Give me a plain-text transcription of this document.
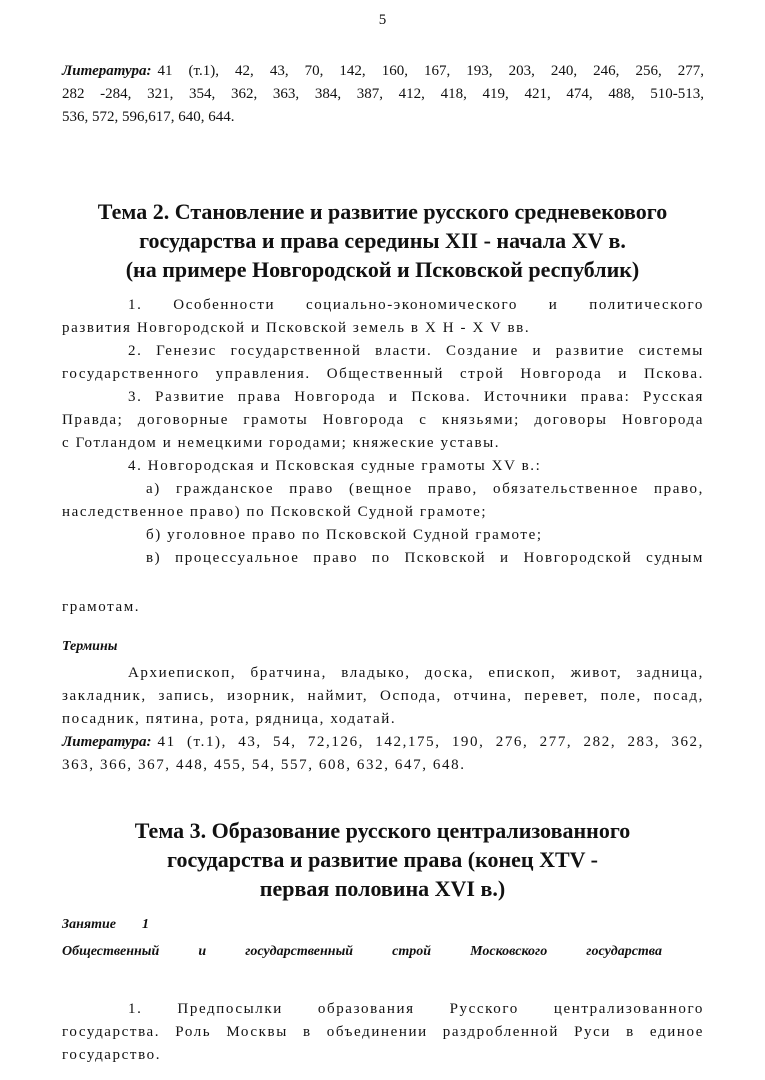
5
Литература: 41 (т.1), 42, 43, 70, 142, 160, 167, 193, 203, 240, 246, 256, 277,
282 -284, 321, 354, 362, 363, 384, 387, 412, 418, 419, 421, 474, 488, 510-513,
536, 572, 596,617, 640, 644.
Тема 2. Становление и развитие русского средневекового
государства и права середины XII - начала XV в.
(на примере Новгородской и Псковской республик)
1. Особенности социально-экономического и политического
развития Новгородской и Псковской земель в X H - X V вв.
2. Генезис государственной власти. Создание и развитие системы
государственного управления. Общественный строй Новгорода и Пскова.
3. Развитие права Новгорода и Пскова. Источники права: Русская
Правда; договорные грамоты Новгорода с князьями; договоры Новгорода
с Готландом и немецкими городами; княжеские уставы.
4. Новгородская и Псковская судные грамоты XV в.:
а) гражданское право (вещное право, обязательственное право,
наследственное право) по Псковской Судной грамоте;
б) уголовное право по Псковской Судной грамоте;
в) процессуальное право по Псковской и Новгородской судным
грамотам.
Термины
Архиепископ, братчина, владыко, доска, епископ, живот, задница,
закладник, запись, изорник, наймит, Оспода, отчина, перевет, поле, посад,
посадник, пятина, рота, рядница, ходатай.
Литература: 41 (т.1), 43, 54, 72,126, 142,175, 190, 276, 277, 282, 283, 362,
363, 366, 367, 448, 455, 54, 557, 608, 632, 647, 648.
Тема 3. Образование русского централизованного
государства и развитие права (конец XTV -
первая половина XVI в.)
Занятие 1
Общественный	и	государственный	строй	Московского	государства
1. Предпосылки образования Русского централизованного
государства. Роль Москвы в объединении раздробленной Руси в единое
государство.
